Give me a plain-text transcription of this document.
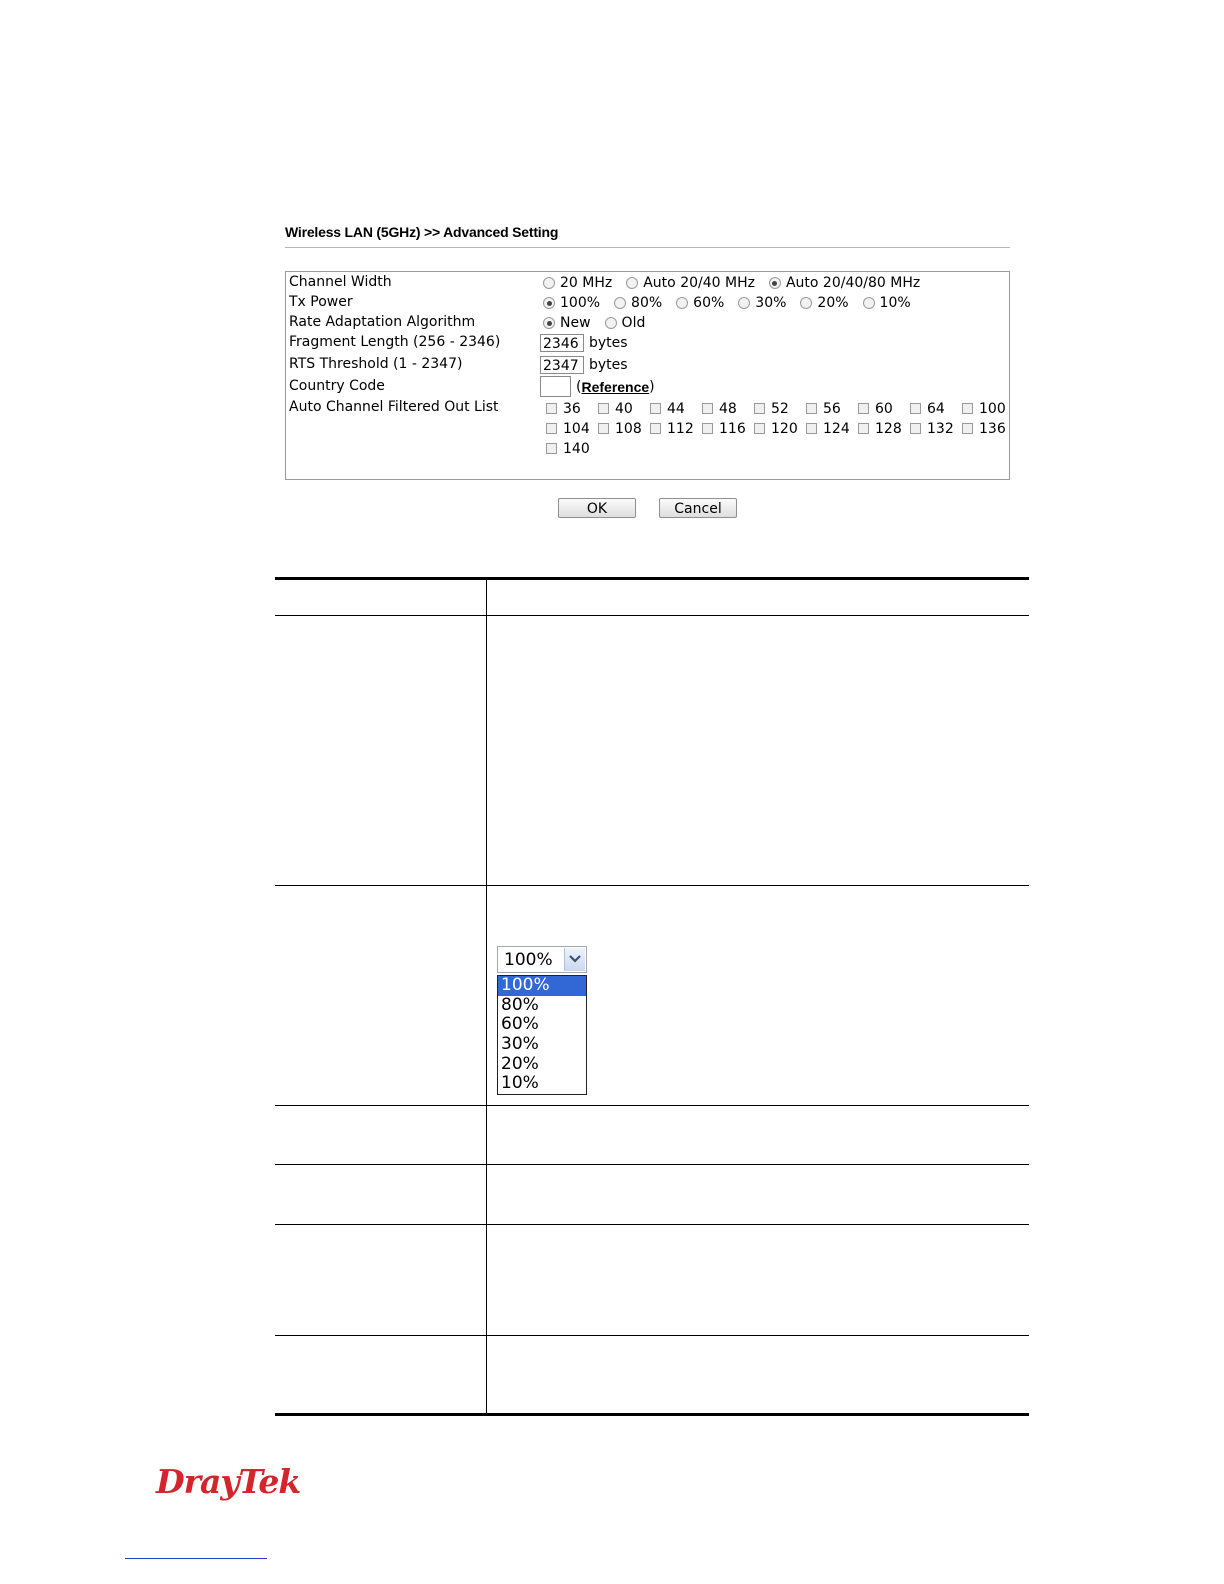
Wireless LAN (5GHz) >> Advanced Setting
Channel Width	20 MHz Auto 20/40 MHz Auto 20/40/80 MHz
Tx Power	100% 80% 60% 30% 20% 10%
Rate Adaptation Algorithm	New Old
Fragment Length (256 - 2346)	2346 bytes
RTS Threshold (1 - 2347)	2347 bytes
Country Code	( Reference )
Auto Channel Filtered Out List	36 40 44 48 52 56 60 64 100
104 108 112 116 120 124 128 132 136
140
OK	Cancel
100%
100%
80%
60%
30%
20%
10%
DrayTek
